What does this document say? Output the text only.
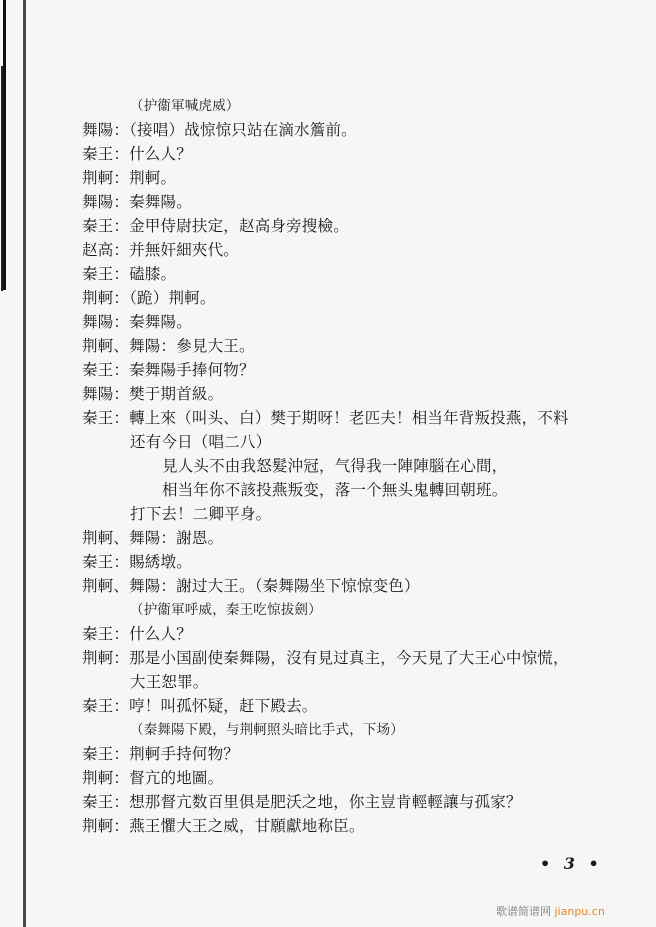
（护衞軍喊虎威）
舞陽：（接唱）战惊惊只站在滴水簷前。
秦王：什么人？
荆軻：荆軻。
舞陽：秦舞陽。
秦王：金甲侍尉扶定，赵高身旁搜檢。
赵高：并無奸細夾代。
秦王：磕膝。
荆軻：（跪）荆軻。
舞陽：秦舞陽。
荆軻、舞陽：參見大王。
秦王：秦舞陽手捧何物？
舞陽：樊于期首級。
秦王：轉上來（叫头、白）樊于期呀！老匹夫！相当年背叛投燕，不料
还有今日（唱二八）
見人头不由我怒髮沖冠，气得我一陣陣腦在心間，
相当年你不該投燕叛变，落一个無头鬼轉回朝班。
打下去！二卿平身。
荆軻、舞陽：謝恩。
秦王：賜綉墩。
荆軻、舞陽：謝过大王。（秦舞陽坐下惊惊变色）
（护衞軍呼威，秦王吃惊拔劍）
秦王：什么人？
荆軻：那是小国副使秦舞陽，沒有見过真主，今天見了大王心中惊慌，
大王恕罪。
秦王：哼！叫孤怀疑，赶下殿去。
（秦舞陽下殿，与荆軻照头暗比手式，下场）
秦王：荆軻手持何物？
荆軻：督亢的地圖。
秦王：想那督亢数百里俱是肥沃之地，你主豈肯輕輕讓与孤家？
荆軻：燕王懼大王之威，甘願獻地称臣。
• 3 •
歌谱简谱网 jianpu.cn
